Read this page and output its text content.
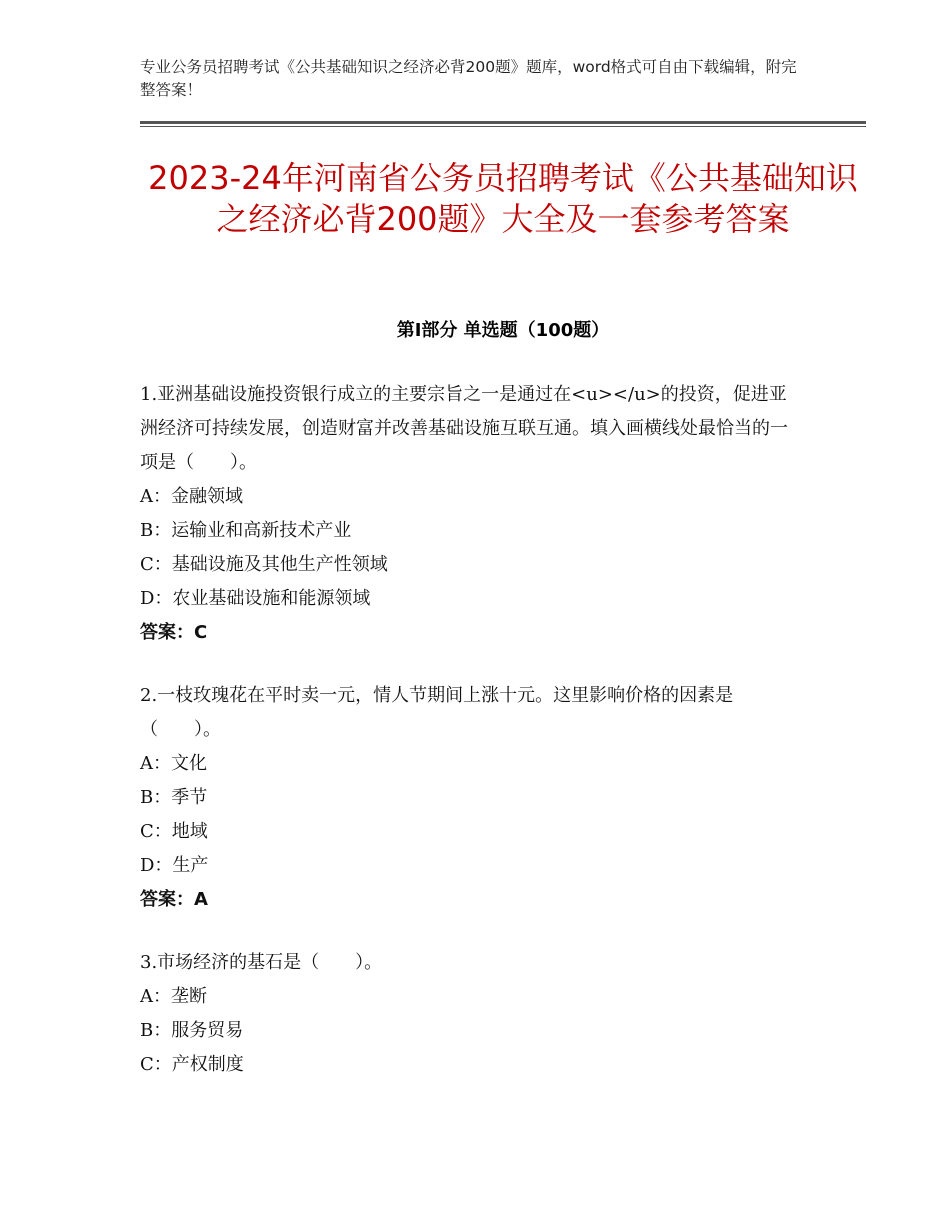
专业公务员招聘考试《公共基础知识之经济必背200题》题库，word格式可自由下载编辑，附完整答案！
2023-24年河南省公务员招聘考试《公共基础知识之经济必背200题》大全及一套参考答案
第Ⅰ部分 单选题（100题）

1.亚洲基础设施投资银行成立的主要宗旨之一是通过在<u></u>的投资，促进亚洲经济可持续发展，创造财富并改善基础设施互联互通。填入画横线处最恰当的一项是（　　）。

A：金融领域

B：运输业和高新技术产业

C：基础设施及其他生产性领域

D：农业基础设施和能源领域

答案：C

2.一枝玫瑰花在平时卖一元，情人节期间上涨十元。这里影响价格的因素是（　　）。

A：文化

B：季节

C：地域

D：生产

答案：A

3.市场经济的基石是（　　）。

A：垄断

B：服务贸易

C：产权制度
